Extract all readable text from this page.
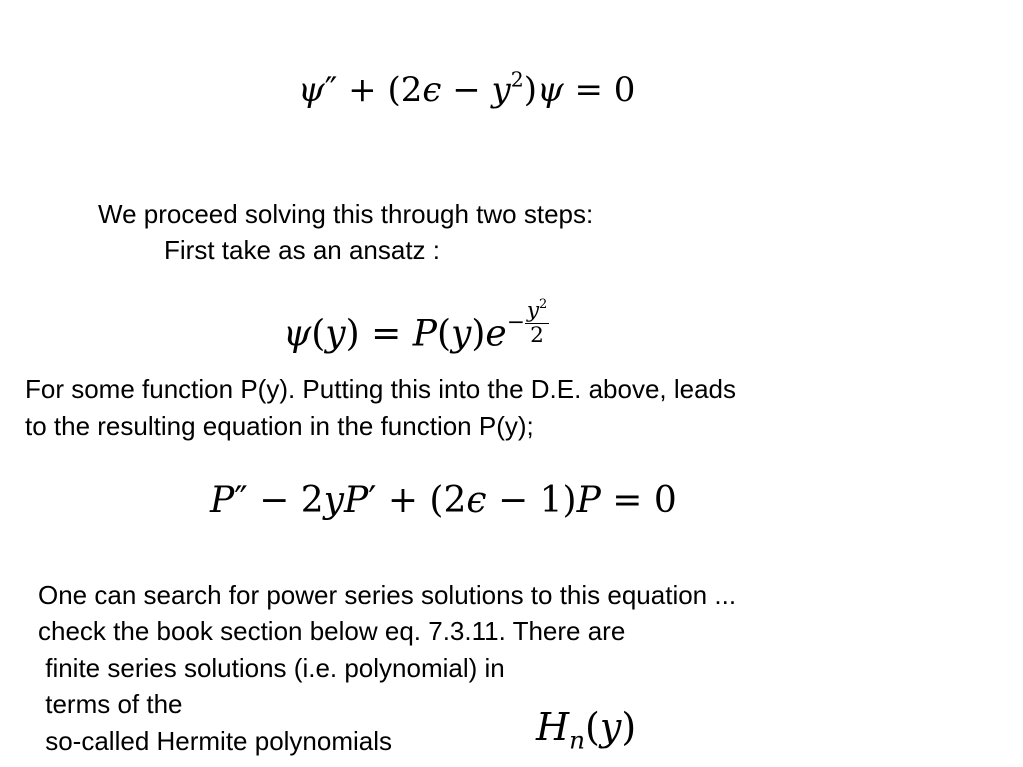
$\psi'' + (2\epsilon - y^2)\psi = 0$
We proceed solving this through two steps:
First take as an ansatz :
$\psi(y) = P(y)e- \frac{y^2}{2}$
For some function P(y). Putting this into the D.E. above, leads
to the resulting equation in the function P(y);
P″ − 2yP′ + (2ϵ − 1)P = 0
One can search for power series solutions to this equation ...
check the book section below eq. 7.3.11. There are
finite series solutions (i.e. polynomial) in
terms of the
so-called Hermite polynomials	$H_n(y)$
